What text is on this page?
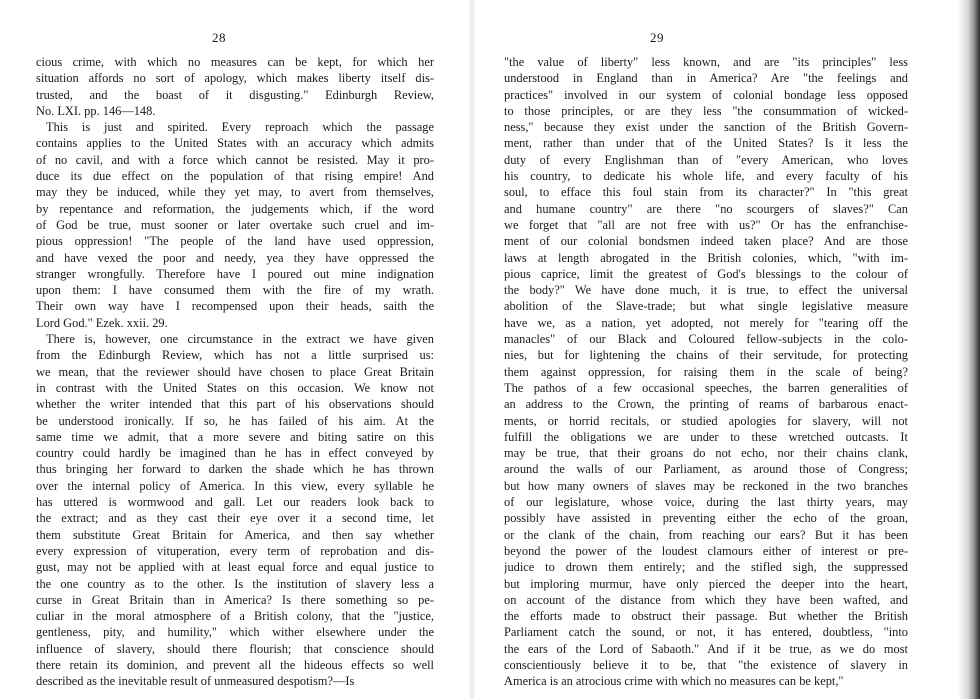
28
cious crime, with which no measures can be kept, for which her
situation affords no sort of apology, which makes liberty itself dis-
trusted, and the boast of it disgusting." Edinburgh Review,
No. LXI. pp. 146—148.
This is just and spirited. Every reproach which the passage
contains applies to the United States with an accuracy which admits
of no cavil, and with a force which cannot be resisted. May it pro-
duce its due effect on the population of that rising empire! And
may they be induced, while they yet may, to avert from themselves,
by repentance and reformation, the judgements which, if the word
of God be true, must sooner or later overtake such cruel and im-
pious oppression! "The people of the land have used oppression,
and have vexed the poor and needy, yea they have oppressed the
stranger wrongfully. Therefore have I poured out mine indignation
upon them: I have consumed them with the fire of my wrath.
Their own way have I recompensed upon their heads, saith the
Lord God." Ezek. xxii. 29.
There is, however, one circumstance in the extract we have given
from the Edinburgh Review, which has not a little surprised us:
we mean, that the reviewer should have chosen to place Great Britain
in contrast with the United States on this occasion. We know not
whether the writer intended that this part of his observations should
be understood ironically. If so, he has failed of his aim. At the
same time we admit, that a more severe and biting satire on this
country could hardly be imagined than he has in effect conveyed by
thus bringing her forward to darken the shade which he has thrown
over the internal policy of America. In this view, every syllable he
has uttered is wormwood and gall. Let our readers look back to
the extract; and as they cast their eye over it a second time, let
them substitute Great Britain for America, and then say whether
every expression of vituperation, every term of reprobation and dis-
gust, may not be applied with at least equal force and equal justice to
the one country as to the other. Is the institution of slavery less a
curse in Great Britain than in America? Is there something so pe-
culiar in the moral atmosphere of a British colony, that the "justice,
gentleness, pity, and humility," which wither elsewhere under the
influence of slavery, should there flourish; that conscience should
there retain its dominion, and prevent all the hideous effects so well
described as the inevitable result of unmeasured despotism?—Is
29
"the value of liberty" less known, and are "its principles" less
understood in England than in America? Are "the feelings and
practices" involved in our system of colonial bondage less opposed
to those principles, or are they less "the consummation of wicked-
ness," because they exist under the sanction of the British Govern-
ment, rather than under that of the United States? Is it less the
duty of every Englishman than of "every American, who loves
his country, to dedicate his whole life, and every faculty of his
soul, to efface this foul stain from its character?" In "this great
and humane country" are there "no scourgers of slaves?" Can
we forget that "all are not free with us?" Or has the enfranchise-
ment of our colonial bondsmen indeed taken place? And are those
laws at length abrogated in the British colonies, which, "with im-
pious caprice, limit the greatest of God's blessings to the colour of
the body?" We have done much, it is true, to effect the universal
abolition of the Slave-trade; but what single legislative measure
have we, as a nation, yet adopted, not merely for "tearing off the
manacles" of our Black and Coloured fellow-subjects in the colo-
nies, but for lightening the chains of their servitude, for protecting
them against oppression, for raising them in the scale of being?
The pathos of a few occasional speeches, the barren generalities of
an address to the Crown, the printing of reams of barbarous enact-
ments, or horrid recitals, or studied apologies for slavery, will not
fulfill the obligations we are under to these wretched outcasts. It
may be true, that their groans do not echo, nor their chains clank,
around the walls of our Parliament, as around those of Congress;
but how many owners of slaves may be reckoned in the two branches
of our legislature, whose voice, during the last thirty years, may
possibly have assisted in preventing either the echo of the groan,
or the clank of the chain, from reaching our ears? But it has been
beyond the power of the loudest clamours either of interest or pre-
judice to drown them entirely; and the stifled sigh, the suppressed
but imploring murmur, have only pierced the deeper into the heart,
on account of the distance from which they have been wafted, and
the efforts made to obstruct their passage. But whether the British
Parliament catch the sound, or not, it has entered, doubtless, "into
the ears of the Lord of Sabaoth." And if it be true, as we do most
conscientiously believe it to be, that "the existence of slavery in
America is an atrocious crime with which no measures can be kept,"
